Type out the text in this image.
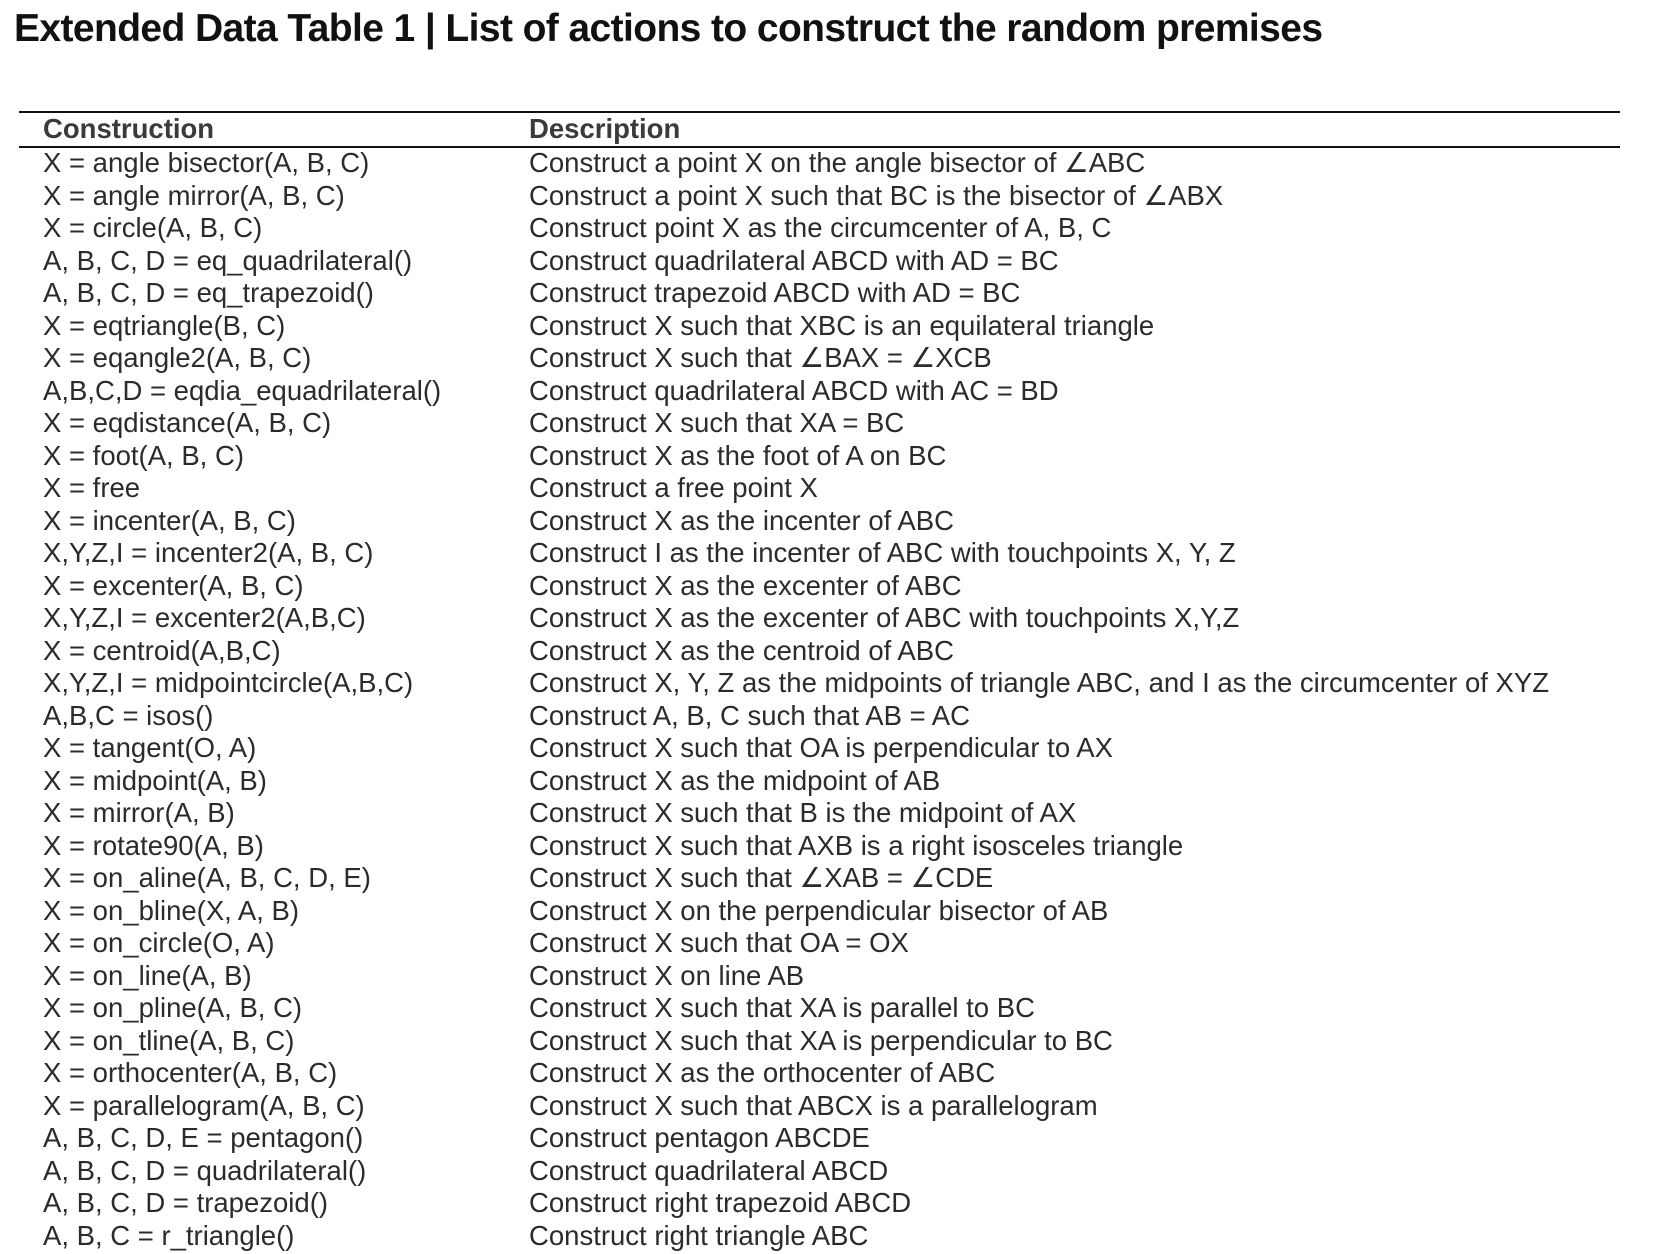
Extended Data Table 1 | List of actions to construct the random premises
Construction	Description
X = angle bisector(A, B, C)	Construct a point X on the angle bisector of ∠ABC
X = angle mirror(A, B, C)	Construct a point X such that BC is the bisector of ∠ABX
X = circle(A, B, C)	Construct point X as the circumcenter of A, B, C
A, B, C, D = eq_quadrilateral()	Construct quadrilateral ABCD with AD = BC
A, B, C, D = eq_trapezoid()	Construct trapezoid ABCD with AD = BC
X = eqtriangle(B, C)	Construct X such that XBC is an equilateral triangle
X = eqangle2(A, B, C)	Construct X such that ∠BAX = ∠XCB
A,B,C,D = eqdia_equadrilateral()	Construct quadrilateral ABCD with AC = BD
X = eqdistance(A, B, C)	Construct X such that XA = BC
X = foot(A, B, C)	Construct X as the foot of A on BC
X = free	Construct a free point X
X = incenter(A, B, C)	Construct X as the incenter of ABC
X,Y,Z,I = incenter2(A, B, C)	Construct I as the incenter of ABC with touchpoints X, Y, Z
X = excenter(A, B, C)	Construct X as the excenter of ABC
X,Y,Z,I = excenter2(A,B,C)	Construct X as the excenter of ABC with touchpoints X,Y,Z
X = centroid(A,B,C)	Construct X as the centroid of ABC
X,Y,Z,I = midpointcircle(A,B,C)	Construct X, Y, Z as the midpoints of triangle ABC, and I as the circumcenter of XYZ
A,B,C = isos()	Construct A, B, C such that AB = AC
X = tangent(O, A)	Construct X such that OA is perpendicular to AX
X = midpoint(A, B)	Construct X as the midpoint of AB
X = mirror(A, B)	Construct X such that B is the midpoint of AX
X = rotate90(A, B)	Construct X such that AXB is a right isosceles triangle
X = on_aline(A, B, C, D, E)	Construct X such that ∠XAB = ∠CDE
X = on_bline(X, A, B)	Construct X on the perpendicular bisector of AB
X = on_circle(O, A)	Construct X such that OA = OX
X = on_line(A, B)	Construct X on line AB
X = on_pline(A, B, C)	Construct X such that XA is parallel to BC
X = on_tline(A, B, C)	Construct X such that XA is perpendicular to BC
X = orthocenter(A, B, C)	Construct X as the orthocenter of ABC
X = parallelogram(A, B, C)	Construct X such that ABCX is a parallelogram
A, B, C, D, E = pentagon()	Construct pentagon ABCDE
A, B, C, D = quadrilateral()	Construct quadrilateral ABCD
A, B, C, D = trapezoid()	Construct right trapezoid ABCD
A, B, C = r_triangle()	Construct right triangle ABC
